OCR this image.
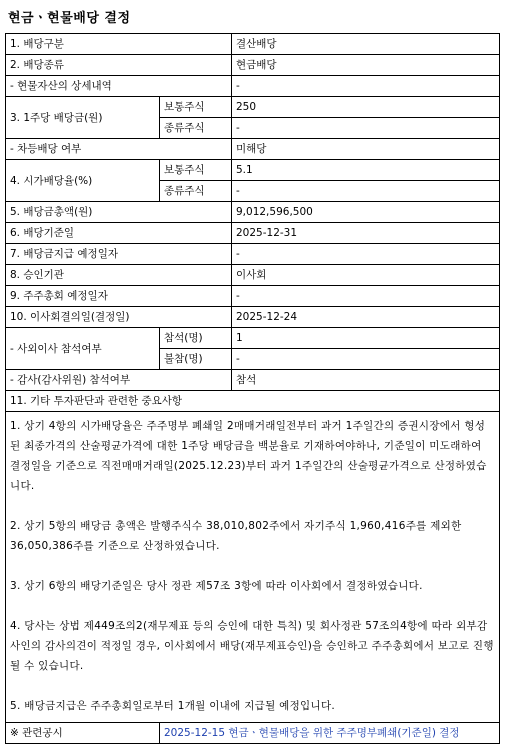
현금ㆍ현물배당 결정
1. 배당구분		결산배당
2. 배당종류		현금배당
- 현물자산의 상세내역		-
3. 1주당 배당금(원)	보통주식	250
	종류주식	-
- 차등배당 여부		미해당
4. 시가배당율(%)	보통주식	5.1
	종류주식	-
5. 배당금총액(원)		9,012,596,500
6. 배당기준일		2025-12-31
7. 배당금지급 예정일자		-
8. 승인기관		이사회
9. 주주총회 예정일자		-
10. 이사회결의일(결정일)		2025-12-24
- 사외이사 참석여부	참석(명)	1
	불참(명)	-
- 감사(감사위원) 참석여부		참석
11. 기타 투자판단과 관련한 중요사항		

1. 상기 4항의 시가배당율은 주주명부 폐쇄일 2매매거래일전부터 과거 1주일간의 증권시장에서 형성된 최종가격의 산술평균가격에 대한 1주당 배당금을 백분율로 기재하여야하나, 기준일이 미도래하여 결정일을 기준으로 직전매매거래일(2025.12.23)부터 과거 1주일간의 산술평균가격으로 산정하였습니다.

2. 상기 5항의 배당금 총액은 발행주식수 38,010,802주에서 자기주식 1,960,416주를 제외한 36,050,386주를 기준으로 산정하였습니다.

3. 상기 6항의 배당기준일은 당사 정관 제57조 3항에 따라 이사회에서 결정하였습니다.

4. 당사는 상법 제449조의2(재무제표 등의 승인에 대한 특칙) 및 회사정관 57조의4항에 따라 외부감사인의 감사의견이 적정일 경우, 이사회에서 배당(재무제표승인)을 승인하고 주주총회에서 보고로 진행될 수 있습니다.

5. 배당금지급은 주주총회일로부터 1개월 이내에 지급될 예정입니다.		

※ 관련공시	2025-12-15 현금ㆍ현물배당을 위한 주주명부폐쇄(기준일) 결정	
